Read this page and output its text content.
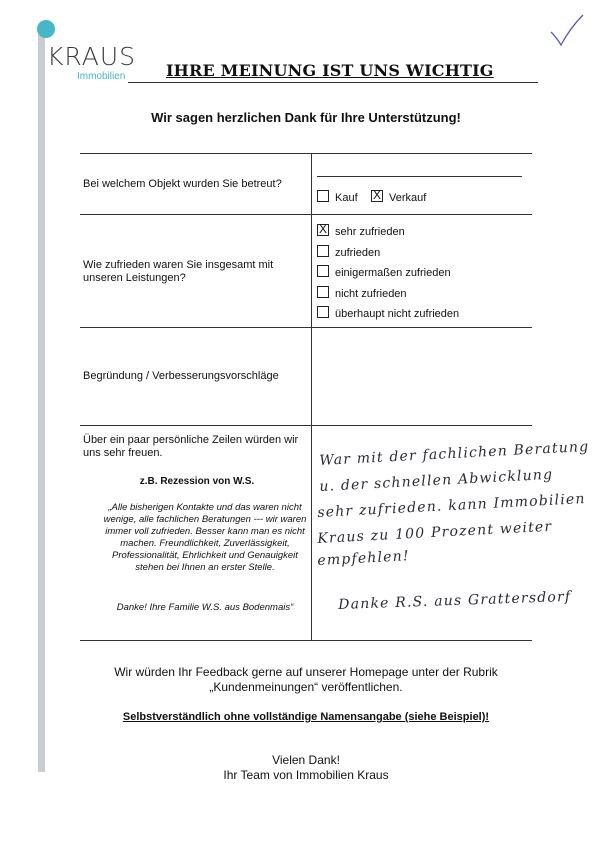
KRAUS
Immobilien	IHRE MEINUNG IST UNS WICHTIG
Wir sagen herzlichen Dank für Ihre Unterstützung!
Bei welchem Objekt wurden Sie betreut?
Kauf X Verkauf
Wie zufrieden waren Sie insgesamt mit unseren Leistungen?
X sehr zufrieden
zufrieden
einigermaßen zufrieden
nicht zufrieden
überhaupt nicht zufrieden
Begründung / Verbesserungsvorschläge
Über ein paar persönliche Zeilen würden wir uns sehr freuen.
z.B. Rezession von W.S.
„Alle bisherigen Kontakte und das waren nicht wenige, alle fachlichen Beratungen --- wir waren immer voll zufrieden. Besser kann man es nicht machen. Freundlichkeit, Zuverlässigkeit, Professionalität, Ehrlichkeit und Genauigkeit stehen bei Ihnen an erster Stelle.
Danke! Ihre Familie W.S. aus Bodenmais“
War mit der fachlichen Beratung
u. der schnellen Abwicklung
sehr zufrieden. kann Immobilien
Kraus zu 100 Prozent weiter
empfehlen!
Danke R.S. aus Grattersdorf
Wir würden Ihr Feedback gerne auf unserer Homepage unter der Rubrik
„Kundenmeinungen“ veröffentlichen.
Selbstverständlich ohne vollständige Namensangabe (siehe Beispiel)!
Vielen Dank!
Ihr Team von Immobilien Kraus
